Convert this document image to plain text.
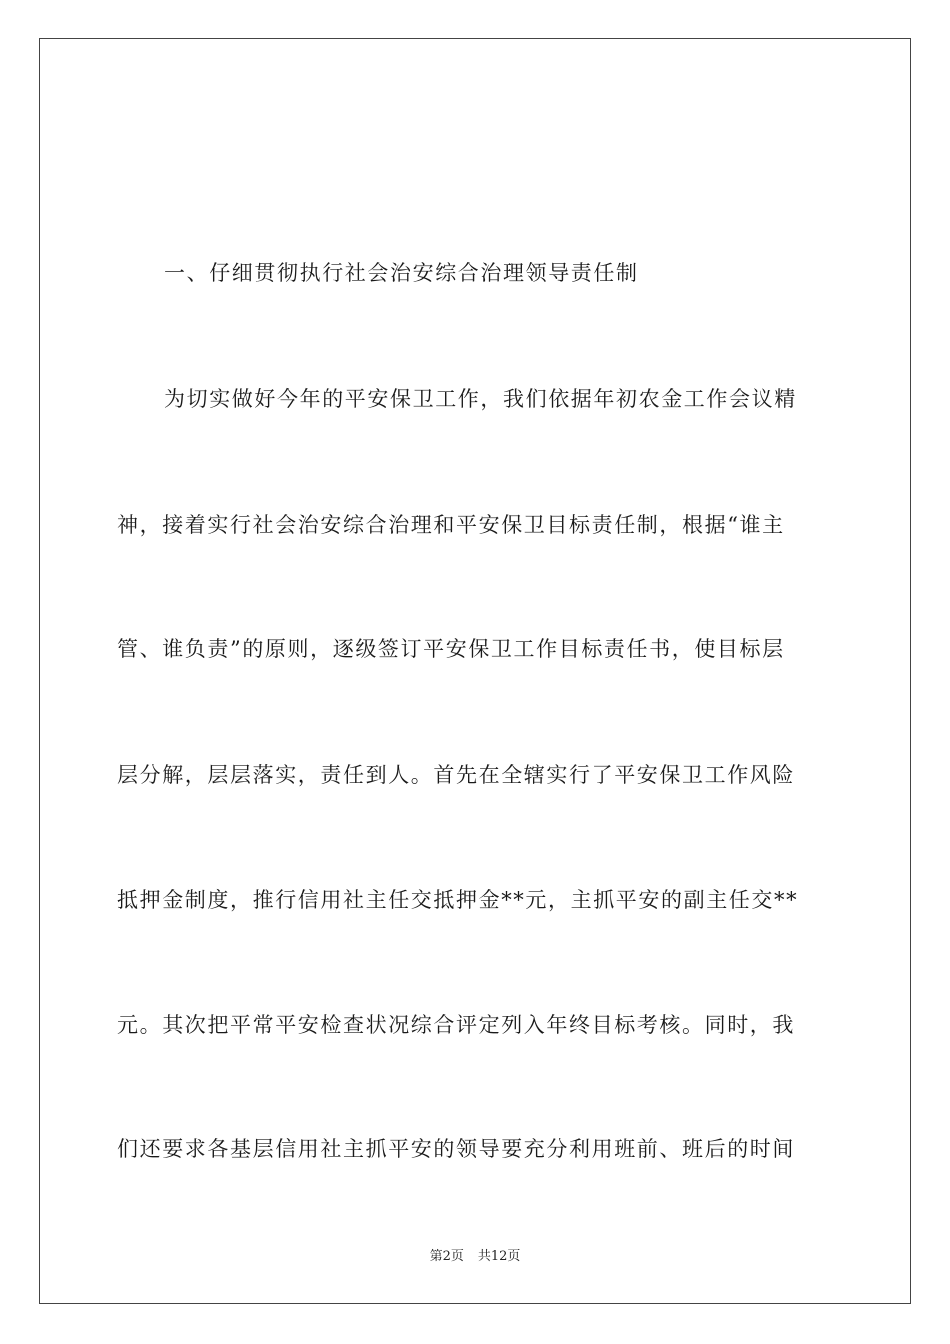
一、仔细贯彻执行社会治安综合治理领导责任制
为切实做好今年的平安保卫工作，我们依据年初农金工作会议精
神，接着实行社会治安综合治理和平安保卫目标责任制，根据“谁主
管、谁负责”的原则，逐级签订平安保卫工作目标责任书，使目标层
层分解，层层落实，责任到人。首先在全辖实行了平安保卫工作风险
抵押金制度，推行信用社主任交抵押金**元，主抓平安的副主任交**
元。其次把平常平安检查状况综合评定列入年终目标考核。同时，我
们还要求各基层信用社主抓平安的领导要充分利用班前、班后的时间
第2页 共12页
